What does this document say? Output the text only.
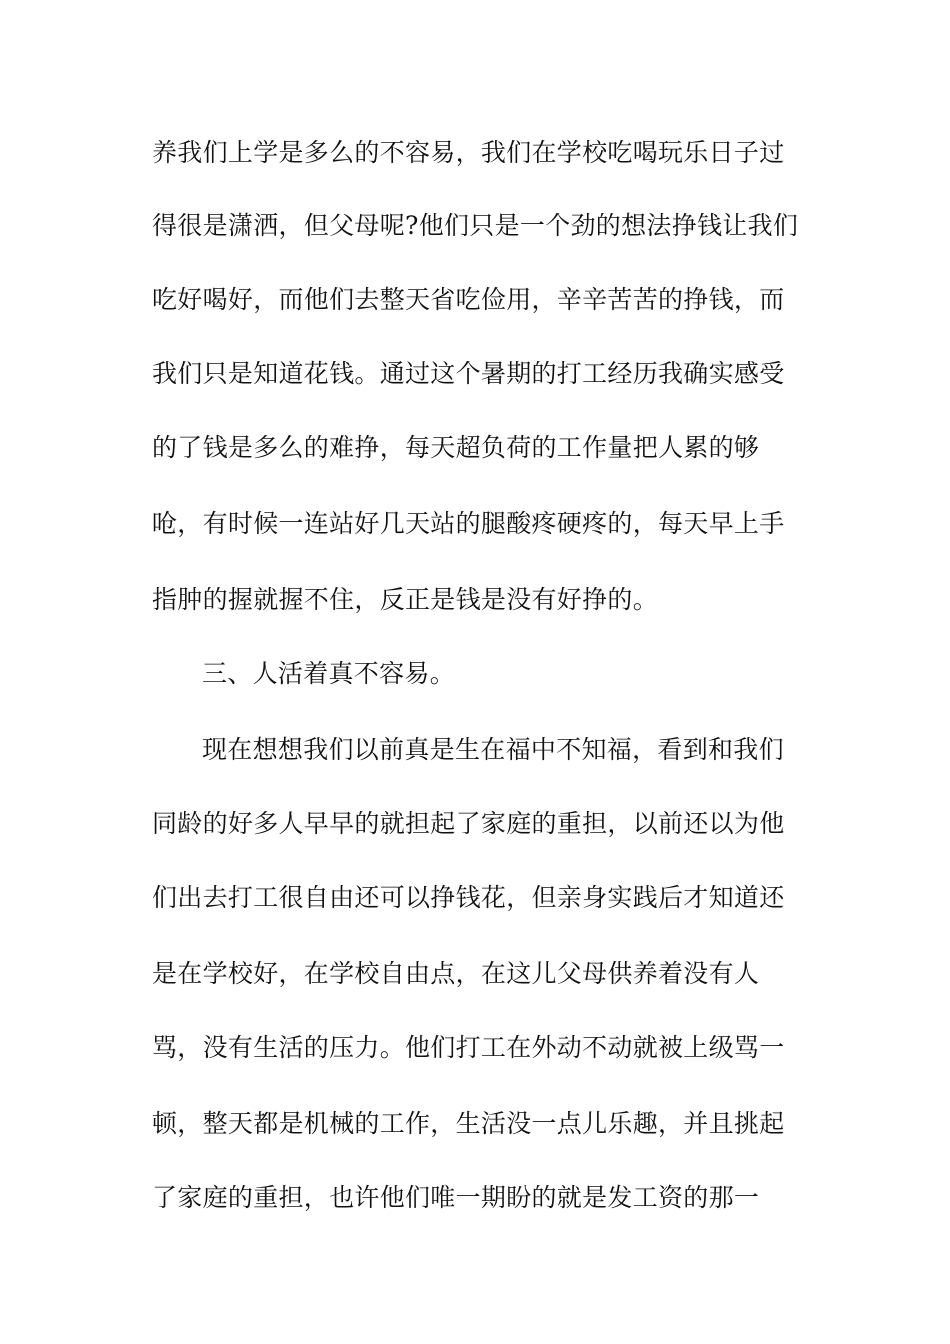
养我们上学是多么的不容易，我们在学校吃喝玩乐日子过
得很是潇洒，但父母呢?他们只是一个劲的想法挣钱让我们
吃好喝好，而他们去整天省吃俭用，辛辛苦苦的挣钱，而
我们只是知道花钱。通过这个暑期的打工经历我确实感受
的了钱是多么的难挣，每天超负荷的工作量把人累的够
呛，有时候一连站好几天站的腿酸疼硬疼的，每天早上手
指肿的握就握不住，反正是钱是没有好挣的。
三、人活着真不容易。
现在想想我们以前真是生在福中不知福，看到和我们
同龄的好多人早早的就担起了家庭的重担，以前还以为他
们出去打工很自由还可以挣钱花，但亲身实践后才知道还
是在学校好，在学校自由点，在这儿父母供养着没有人
骂，没有生活的压力。他们打工在外动不动就被上级骂一
顿，整天都是机械的工作，生活没一点儿乐趣，并且挑起
了家庭的重担，也许他们唯一期盼的就是发工资的那一
